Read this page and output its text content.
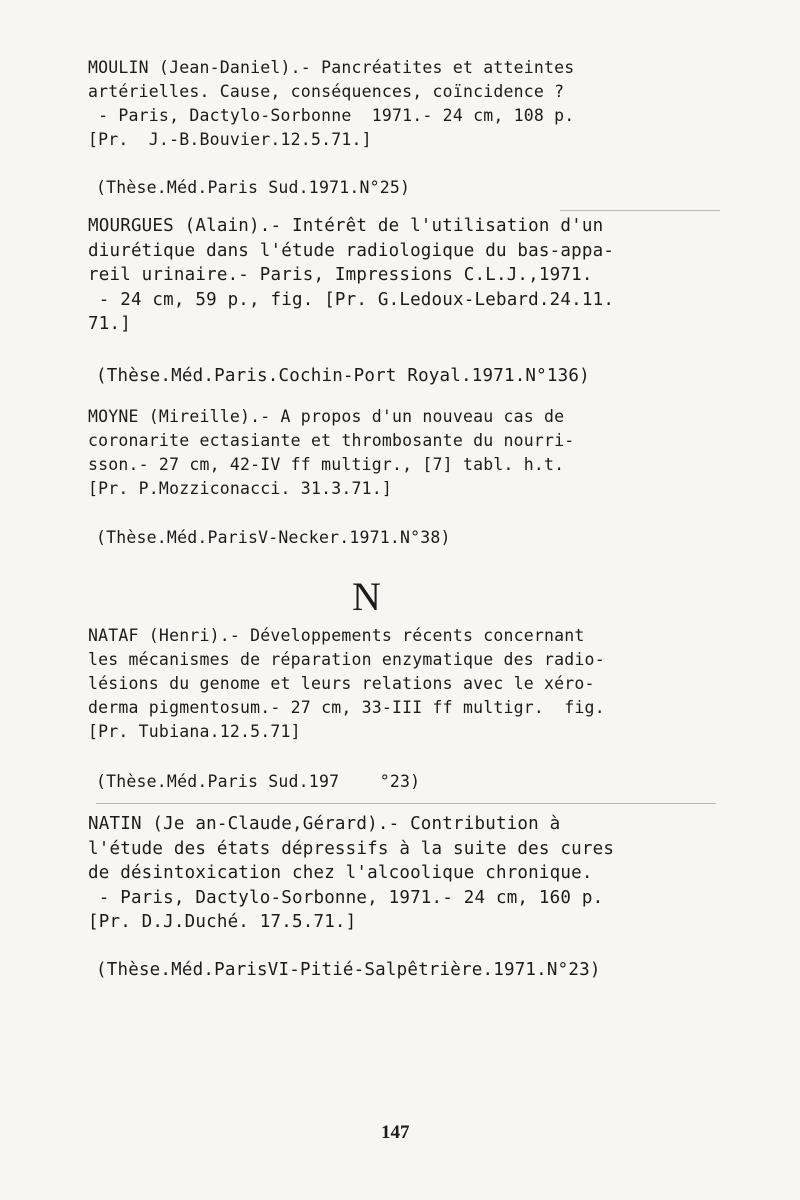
MOULIN (Jean-Daniel).- Pancréatites et atteintes
artérielles. Cause, conséquences, coïncidence ?
- Paris, Dactylo-Sorbonne  1971.- 24 cm, 108 p.
[Pr.  J.-B.Bouvier.12.5.71.]
(Thèse.Méd.Paris Sud.1971.N°25)
MOURGUES (Alain).- Intérêt de l'utilisation d'un
diurétique dans l'étude radiologique du bas-appa-
reil urinaire.- Paris, Impressions C.L.J.,1971.
- 24 cm, 59 p., fig. [Pr. G.Ledoux-Lebard.24.11.
71.]
(Thèse.Méd.Paris.Cochin-Port Royal.1971.N°136)
MOYNE (Mireille).- A propos d'un nouveau cas de
coronarite ectasiante et thrombosante du nourri-
sson.- 27 cm, 42-IV ff multigr., [7] tabl. h.t.
[Pr. P.Mozziconacci. 31.3.71.]
(Thèse.Méd.ParisV-Necker.1971.N°38)
N
NATAF (Henri).- Développements récents concernant
les mécanismes de réparation enzymatique des radio-
lésions du genome et leurs relations avec le xéro-
derma pigmentosum.- 27 cm, 33-III ff multigr.  fig.
[Pr. Tubiana.12.5.71]
(Thèse.Méd.Paris Sud.197    °23)
NATIN (Je an-Claude,Gérard).- Contribution à
l'étude des états dépressifs à la suite des cures
de désintoxication chez l'alcoolique chronique.
- Paris, Dactylo-Sorbonne, 1971.- 24 cm, 160 p.
[Pr. D.J.Duché. 17.5.71.]
(Thèse.Méd.ParisVI-Pitié-Salpêtrière.1971.N°23)
147
